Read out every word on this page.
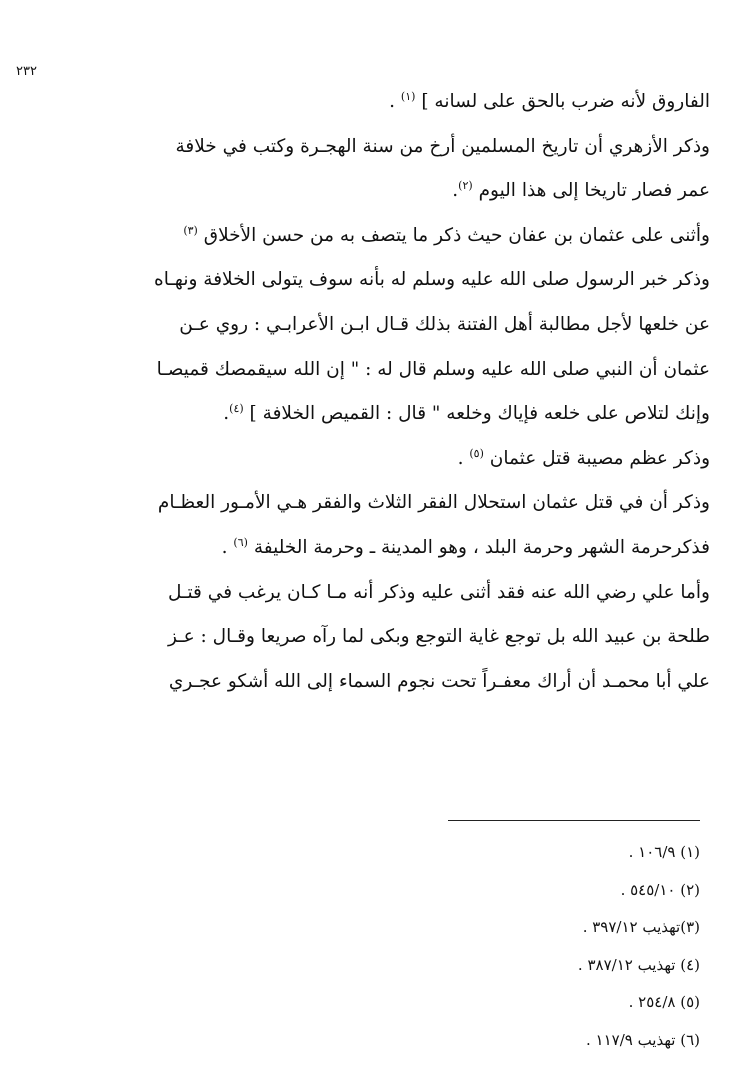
٢٣٢
الفاروق لأنه ضرب بالحق على لسانه ] $^{(١)}$ .
وذكر الأزهري أن تاريخ المسلمين أرخ من سنة الهجـرة وكتب في خلافة
عمر فصار تاريخا إلى هذا اليوم $^{(٢)}$.
وأثنى على عثمان بن عفان حيث ذكر ما يتصف به من حسن الأخلاق $^{(٣)}$
وذكر خبر الرسول صلى الله عليه وسلم له بأنه سوف يتولى الخلافة ونهـاه
عن خلعها لأجل مطالبة أهل الفتنة بذلك قـال ابـن الأعرابـي : روي عـن
عثمان أن النبي صلى الله عليه وسلم قال له : " إن الله سيقمصك قميصـا
وإنك لتلاص على خلعه فإياك وخلعه " قال : القميص الخلافة ] $^{(٤)}$.
وذكر عظم مصيبة قتل عثمان $^{(٥)}$ .
وذكر أن في قتل عثمان استحلال الفقر الثلاث والفقر هـي الأمـور العظـام
فذكرحرمة الشهر وحرمة البلد ، وهو المدينة ـ وحرمة الخليفة $^{(٦)}$ .
وأما علي رضي الله عنه فقد أثنى عليه وذكر أنه مـا كـان يرغب في قتـل
طلحة بن عبيد الله بل توجع غاية التوجع وبكى لما رآه صريعا وقـال : عـز
علي أبا محمـد أن أراك معفـراً تحت نجوم السماء إلى الله أشكو عجـري
(١) ١٠٦/٩ .
(٢) ٥٤٥/١٠ .
(٣)تهذيب ٣٩٧/١٢ .
(٤) تهذيب ٣٨٧/١٢ .
(٥) ٢٥٤/٨ .
(٦) تهذيب ١١٧/٩ .
